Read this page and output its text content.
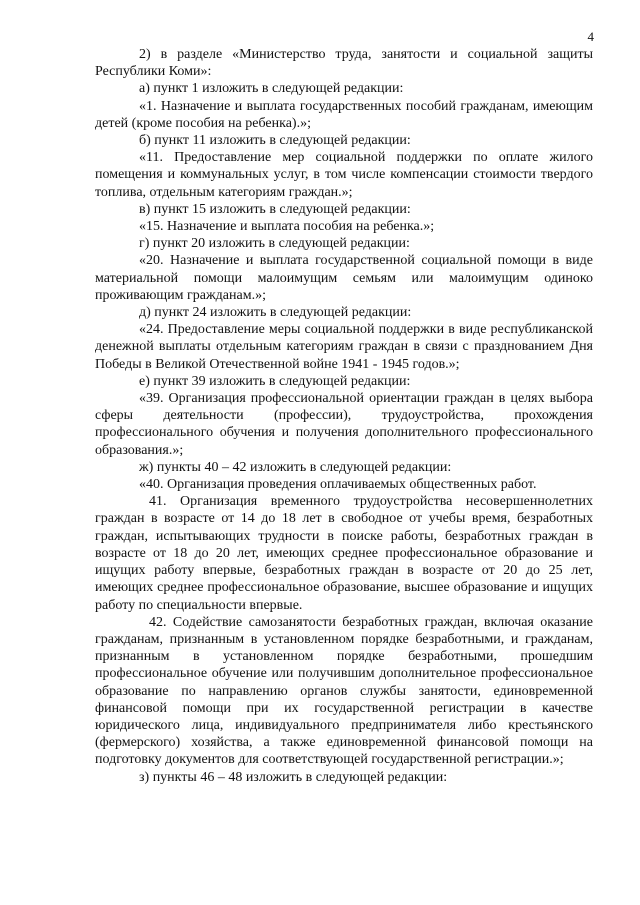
4

2) в разделе «Министерство труда, занятости и социальной защиты Республики Коми»:

а) пункт 1 изложить в следующей редакции:

«1. Назначение и выплата государственных пособий гражданам, имеющим детей (кроме пособия на ребенка).»;

б) пункт 11 изложить в следующей редакции:

«11. Предоставление мер социальной поддержки по оплате жилого помещения и коммунальных услуг, в том числе компенсации стоимости твердого топлива, отдельным категориям граждан.»;

в) пункт 15 изложить в следующей редакции:

«15. Назначение и выплата пособия на ребенка.»;

г) пункт 20 изложить в следующей редакции:

«20. Назначение и выплата государственной социальной помощи в виде материальной помощи малоимущим семьям или малоимущим одиноко проживающим гражданам.»;

д) пункт 24 изложить в следующей редакции:

«24. Предоставление меры социальной поддержки в виде республиканской денежной выплаты отдельным категориям граждан в связи с празднованием Дня Победы в Великой Отечественной войне 1941 - 1945 годов.»;

е) пункт 39 изложить в следующей редакции:

«39. Организация профессиональной ориентации граждан в целях выбора сферы деятельности (профессии), трудоустройства, прохождения профессионального обучения и получения дополнительного профессионального образования.»;

ж) пункты 40 – 42 изложить в следующей редакции:

«40. Организация проведения оплачиваемых общественных работ.

41. Организация временного трудоустройства несовершеннолетних граждан в возрасте от 14 до 18 лет в свободное от учебы время, безработных граждан, испытывающих трудности в поиске работы, безработных граждан в возрасте от 18 до 20 лет, имеющих среднее профессиональное образование и ищущих работу впервые, безработных граждан в возрасте от 20 до 25 лет, имеющих среднее профессиональное образование, высшее образование и ищущих работу по специальности впервые.

42. Содействие самозанятости безработных граждан, включая оказание гражданам, признанным в установленном порядке безработными, и гражданам, признанным в установленном порядке безработными, прошедшим профессиональное обучение или получившим дополнительное профессиональное образование по направлению органов службы занятости, единовременной финансовой помощи при их государственной регистрации в качестве юридического лица, индивидуального предпринимателя либо крестьянского (фермерского) хозяйства, а также единовременной финансовой помощи на подготовку документов для соответствующей государственной регистрации.»;

з) пункты 46 – 48 изложить в следующей редакции:
